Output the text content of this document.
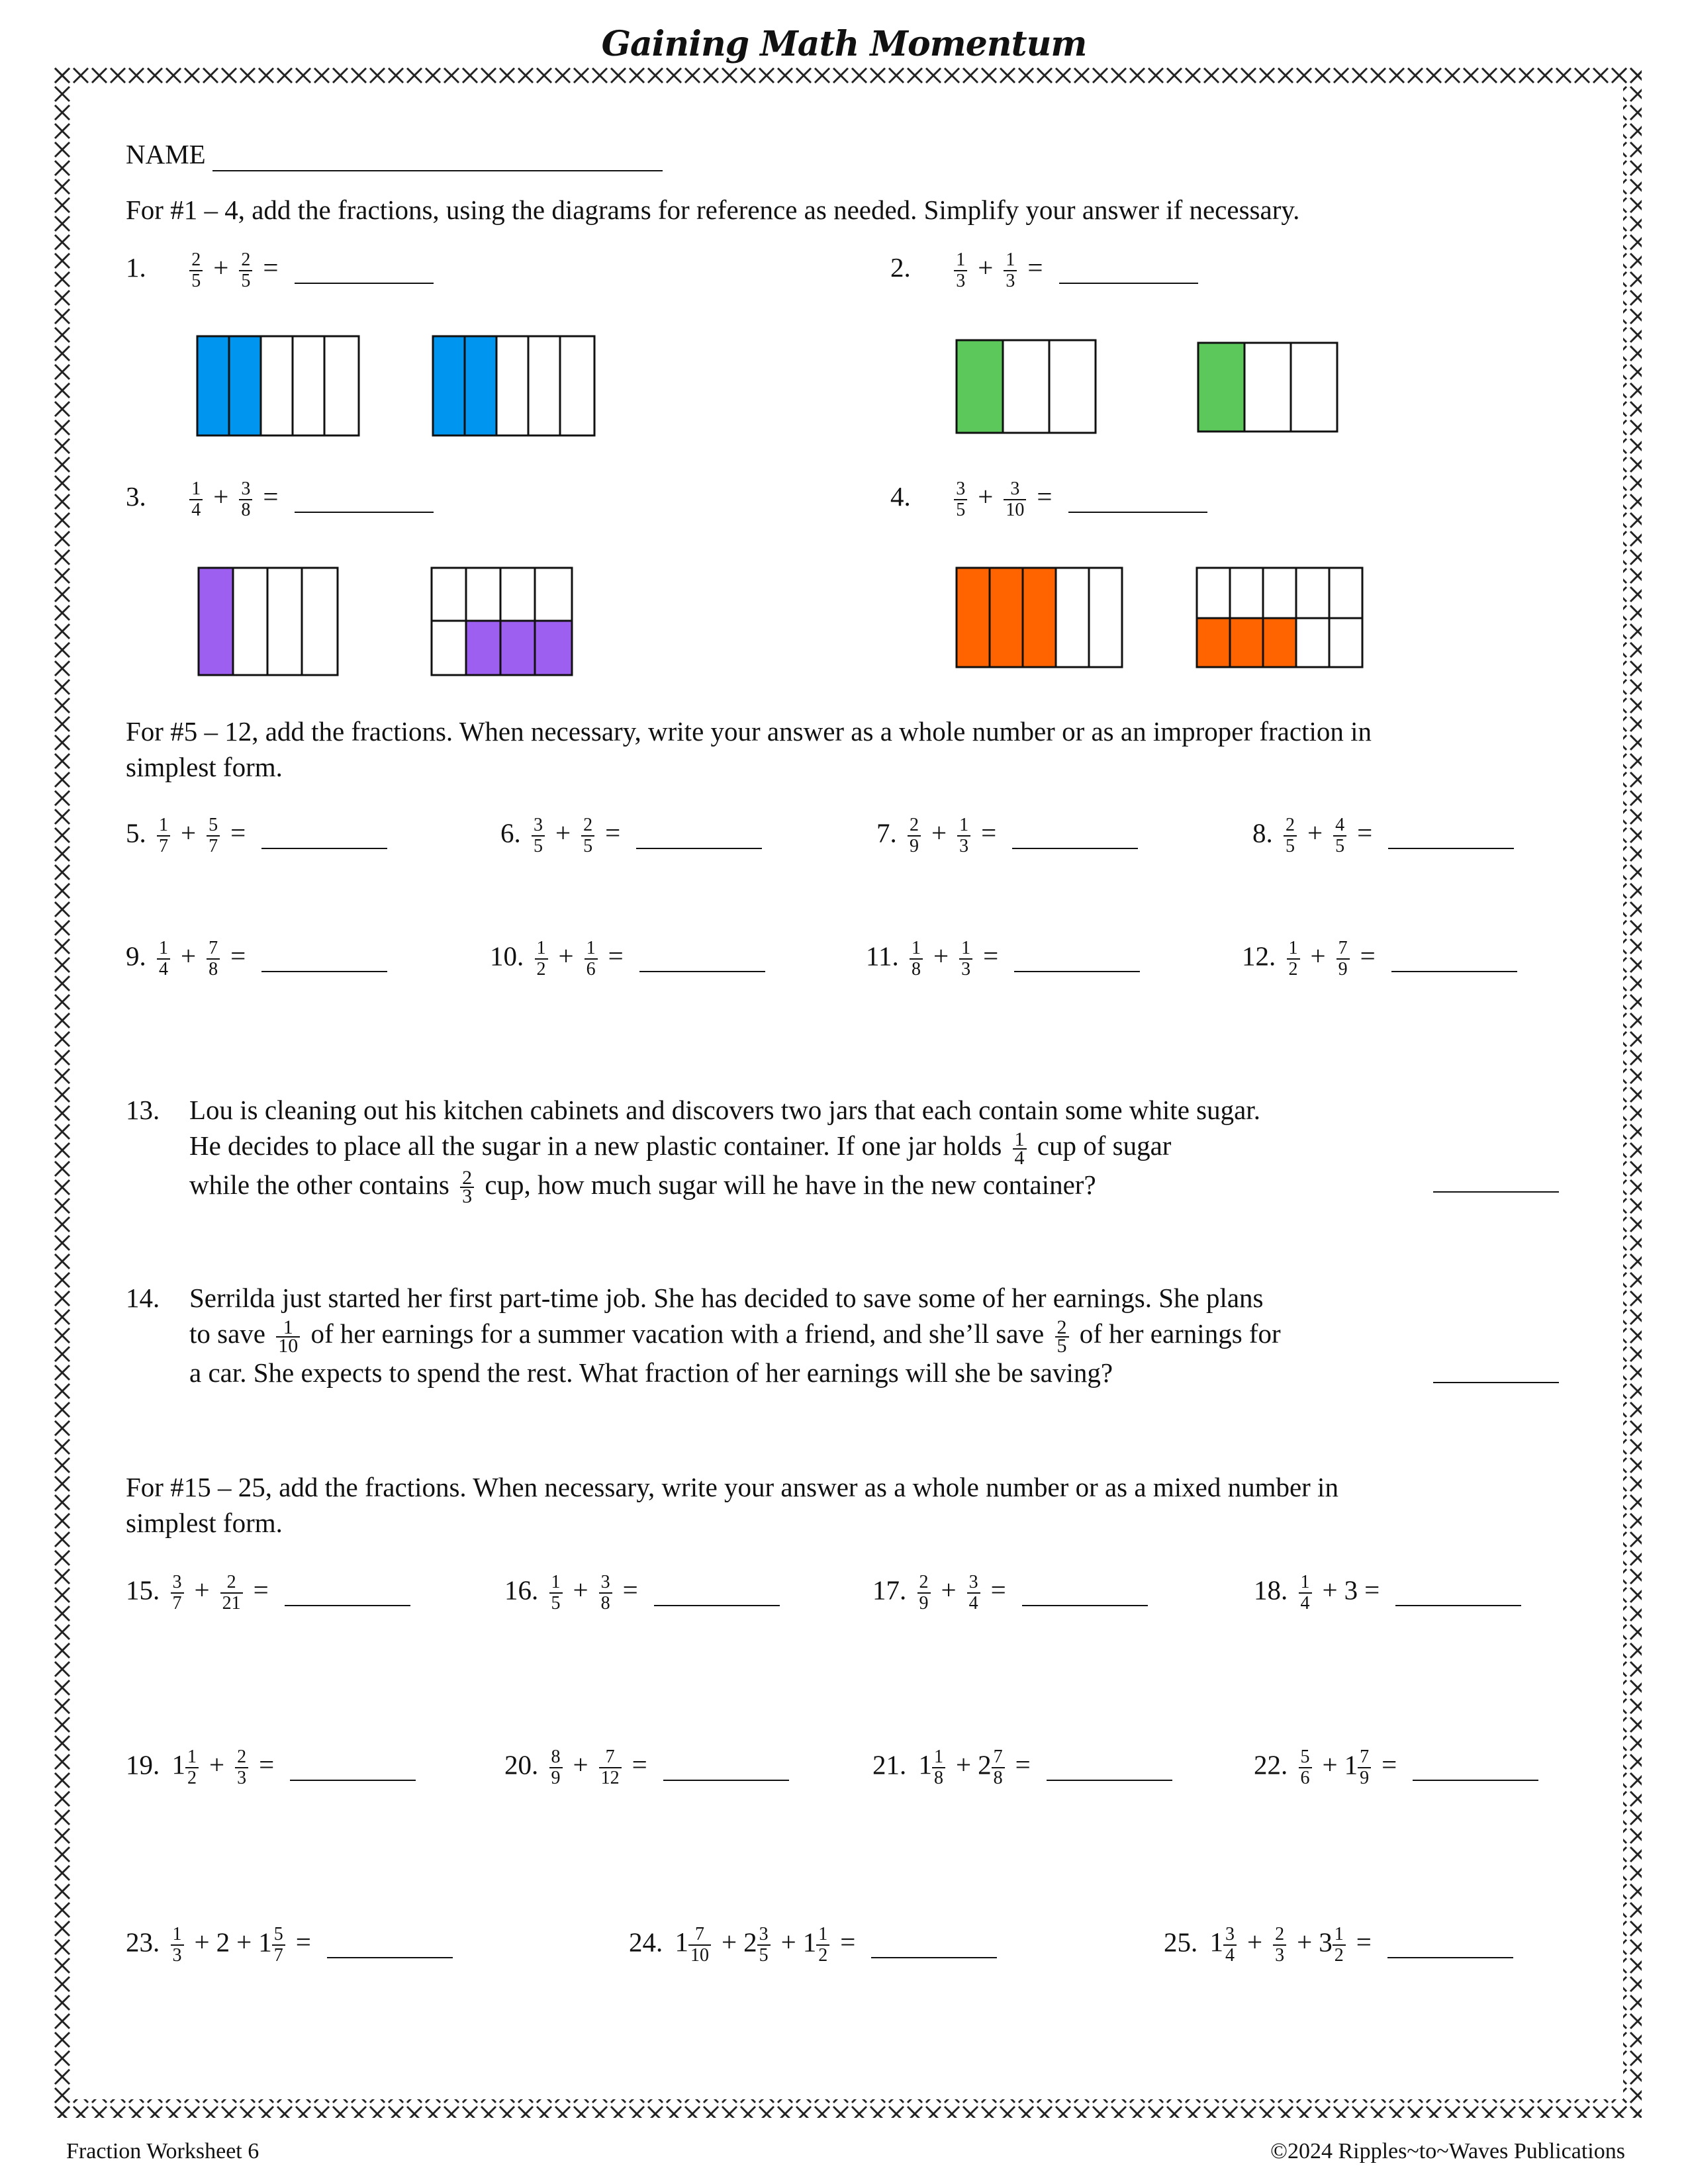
Gaining Math Momentum
NAME
For #1 – 4, add the fractions, using the diagrams for reference as needed. Simplify your answer if necessary.
1. $\frac{2}{5} + \frac{2}{5}$ =	2. $\frac{1}{3} + \frac{1}{3}$ =
3. $\frac{1}{4} + \frac{3}{8}$ =	4. $\frac{3}{5} + \frac{3}{10}$ =
For #5 – 12, add the fractions. When necessary, write your answer as a whole number or as an improper fraction in
simplest form.
5. $\frac{1}{7} + \frac{5}{7}$ =	6. $\frac{3}{5} + \frac{2}{5}$ =	7. $\frac{2}{9} + \frac{1}{3}$ =	8. $\frac{2}{5} + \frac{4}{5}$ =
9. $\frac{1}{4} + \frac{7}{8}$ =	10. $\frac{1}{2} + \frac{1}{6}$ =	11. $\frac{1}{8} + \frac{1}{3}$ =	12. $\frac{1}{2} + \frac{7}{9}$ =
13. Lou is cleaning out his kitchen cabinets and discovers two jars that each contain some white sugar.
He decides to place all the sugar in a new plastic container. If one jar holds $\frac{1}{4}$ cup of sugar
while the other contains $\frac{2}{3}$ cup, how much sugar will he have in the new container?
14. Serrilda just started her first part-time job. She has decided to save some of her earnings. She plans
to save $\frac{1}{10}$ of her earnings for a summer vacation with a friend, and she’ll save $\frac{2}{5}$ of her earnings for
a car. She expects to spend the rest. What fraction of her earnings will she be saving?
For #15 – 25, add the fractions. When necessary, write your answer as a whole number or as a mixed number in
simplest form.
15. $\frac{3}{7} + \frac{2}{21}$ =	16. $\frac{1}{5} + \frac{3}{8}$ =	17. $\frac{2}{9} + \frac{3}{4}$ =	18. $\frac{1}{4} + 3$ =
19. $1 \frac{1}{2} + \frac{2}{3}$ =	20. $\frac{8}{9} + \frac{7}{12}$ =	21. $1 \frac{1}{8} + 2 \frac{7}{8}$ =	22. $\frac{5}{6} + 1 \frac{7}{9}$ =
23. $\frac{1}{3} + 2 + 1 \frac{5}{7}$ =	24. $1 \frac{7}{10} + 2 \frac{3}{5} + 1 \frac{1}{2}$ =	25. $1 \frac{3}{4} + \frac{2}{3} + 3 \frac{1}{2}$ =
Fraction Worksheet 6	©2024 Ripples~to~Waves Publications
